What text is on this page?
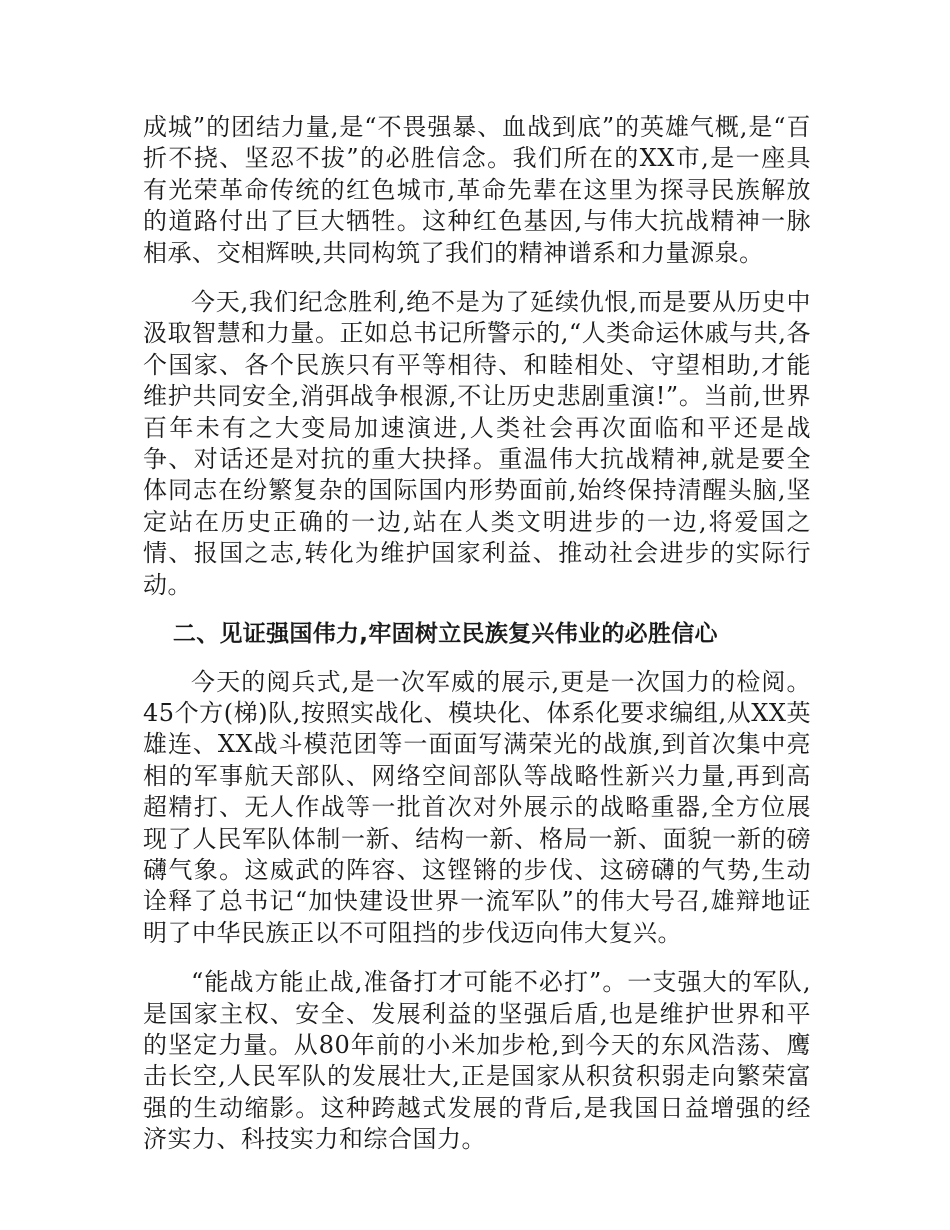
成城”的团结力量,是“不畏强暴、血战到底”的英雄气概,是“百折不挠、坚忍不拔”的必胜信念。我们所在的XX市,是一座具有光荣革命传统的红色城市,革命先辈在这里为探寻民族解放的道路付出了巨大牺牲。这种红色基因,与伟大抗战精神一脉相承、交相辉映,共同构筑了我们的精神谱系和力量源泉。

今天,我们纪念胜利,绝不是为了延续仇恨,而是要从历史中汲取智慧和力量。正如总书记所警示的,“人类命运休戚与共,各个国家、各个民族只有平等相待、和睦相处、守望相助,才能维护共同安全,消弭战争根源,不让历史悲剧重演!”。当前,世界百年未有之大变局加速演进,人类社会再次面临和平还是战争、对话还是对抗的重大抉择。重温伟大抗战精神,就是要全体同志在纷繁复杂的国际国内形势面前,始终保持清醒头脑,坚定站在历史正确的一边,站在人类文明进步的一边,将爱国之情、报国之志,转化为维护国家利益、推动社会进步的实际行动。

二、见证强国伟力,牢固树立民族复兴伟业的必胜信心

今天的阅兵式,是一次军威的展示,更是一次国力的检阅。45个方(梯)队,按照实战化、模块化、体系化要求编组,从XX英雄连、XX战斗模范团等一面面写满荣光的战旗,到首次集中亮相的军事航天部队、网络空间部队等战略性新兴力量,再到高超精打、无人作战等一批首次对外展示的战略重器,全方位展现了人民军队体制一新、结构一新、格局一新、面貌一新的磅礴气象。这威武的阵容、这铿锵的步伐、这磅礴的气势,生动诠释了总书记“加快建设世界一流军队”的伟大号召,雄辩地证明了中华民族正以不可阻挡的步伐迈向伟大复兴。

“能战方能止战,准备打才可能不必打”。一支强大的军队,是国家主权、安全、发展利益的坚强后盾,也是维护世界和平的坚定力量。从80年前的小米加步枪,到今天的东风浩荡、鹰击长空,人民军队的发展壮大,正是国家从积贫积弱走向繁荣富强的生动缩影。这种跨越式发展的背后,是我国日益增强的经济实力、科技实力和综合国力。
